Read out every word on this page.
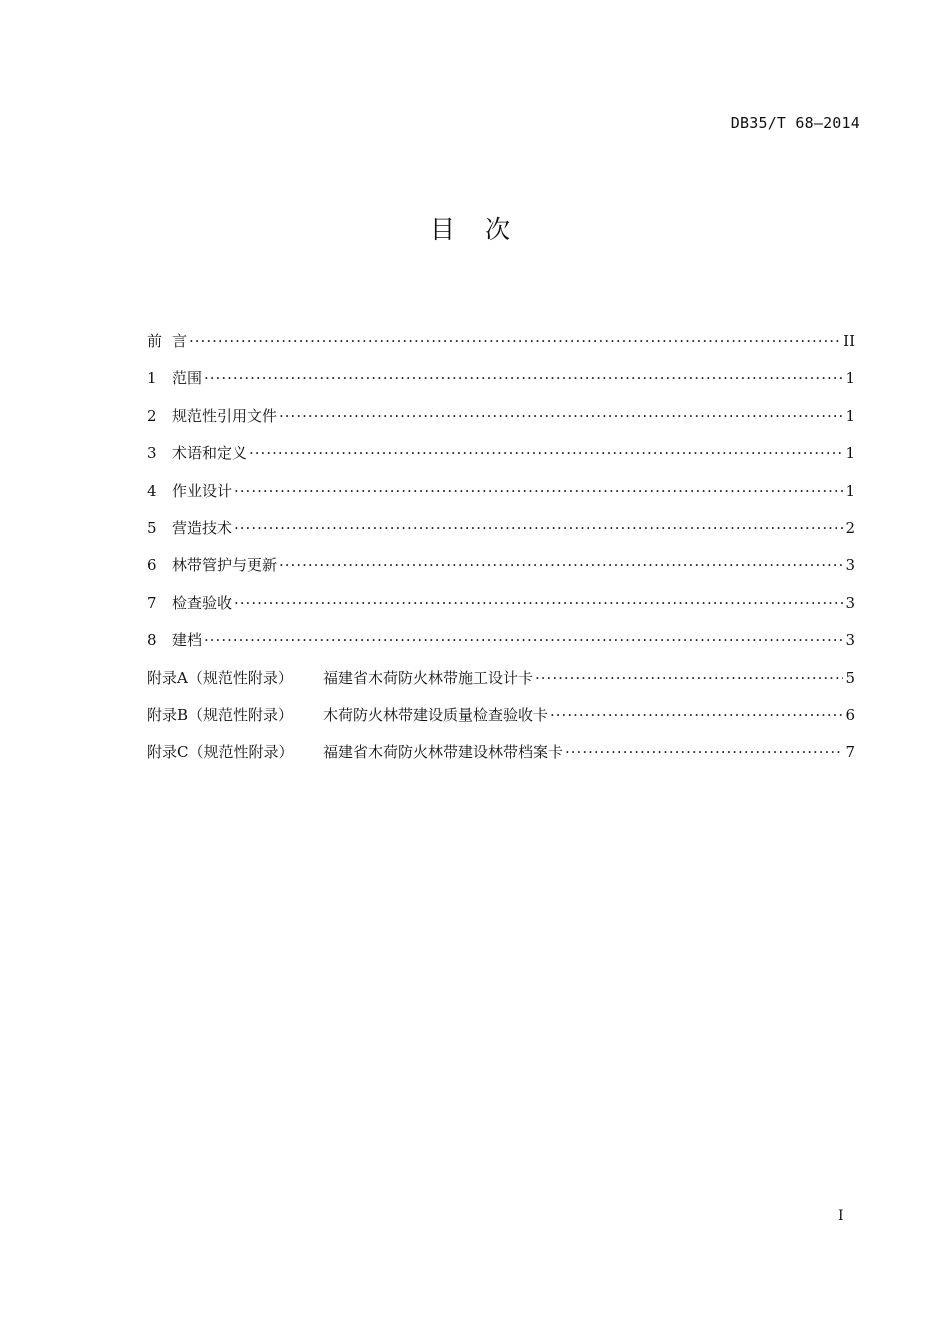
DB35/T 68—2014
目次
前 言 ·····	II
1	范围 ·····	1
2	规范性引用文件 ·····	1
3	术语和定义 ·····	1
4	作业设计 ·····	1
5	营造技术 ·····	2
6	林带管护与更新 ·····	3
7	检查验收 ·····	3
8	建档 ·····	3
附录A（规范性附录）	福建省木荷防火林带施工设计卡 ·····	5
附录B（规范性附录）	木荷防火林带建设质量检查验收卡 ·····	6
附录C（规范性附录）	福建省木荷防火林带建设林带档案卡 ·····	7
I
